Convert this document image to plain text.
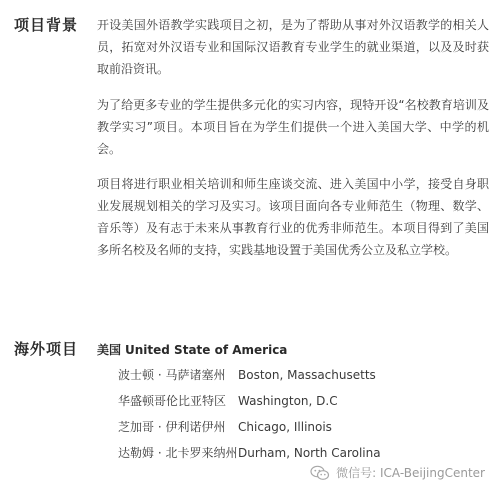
项目背景 开设美国外语教学实践项目之初，是为了帮助从事对外汉语教学的相关人员，拓宽对外汉语专业和国际汉语教育专业学生的就业渠道，以及及时获取前沿资讯。

为了给更多专业的学生提供多元化的实习内容，现特开设“名校教育培训及教学实习”项目。本项目旨在为学生们提供一个进入美国大学、中学的机会。

项目将进行职业相关培训和师生座谈交流、进入美国中小学，接受自身职业发展规划相关的学习及实习。该项目面向各专业师范生（物理、数学、音乐等）及有志于未来从事教育行业的优秀非师范生。本项目得到了美国多所名校及名师的支持，实践基地设置于美国优秀公立及私立学校。

海外项目 美国 United State of America
波士顿 · 马萨诸塞州 Boston, Massachusetts
华盛顿哥伦比亚特区 Washington, D.C
芝加哥 · 伊利诺伊州 Chicago, Illinois
达勒姆 · 北卡罗来纳州Durham, North Carolina
微信号: ICA-BeijingCenter
